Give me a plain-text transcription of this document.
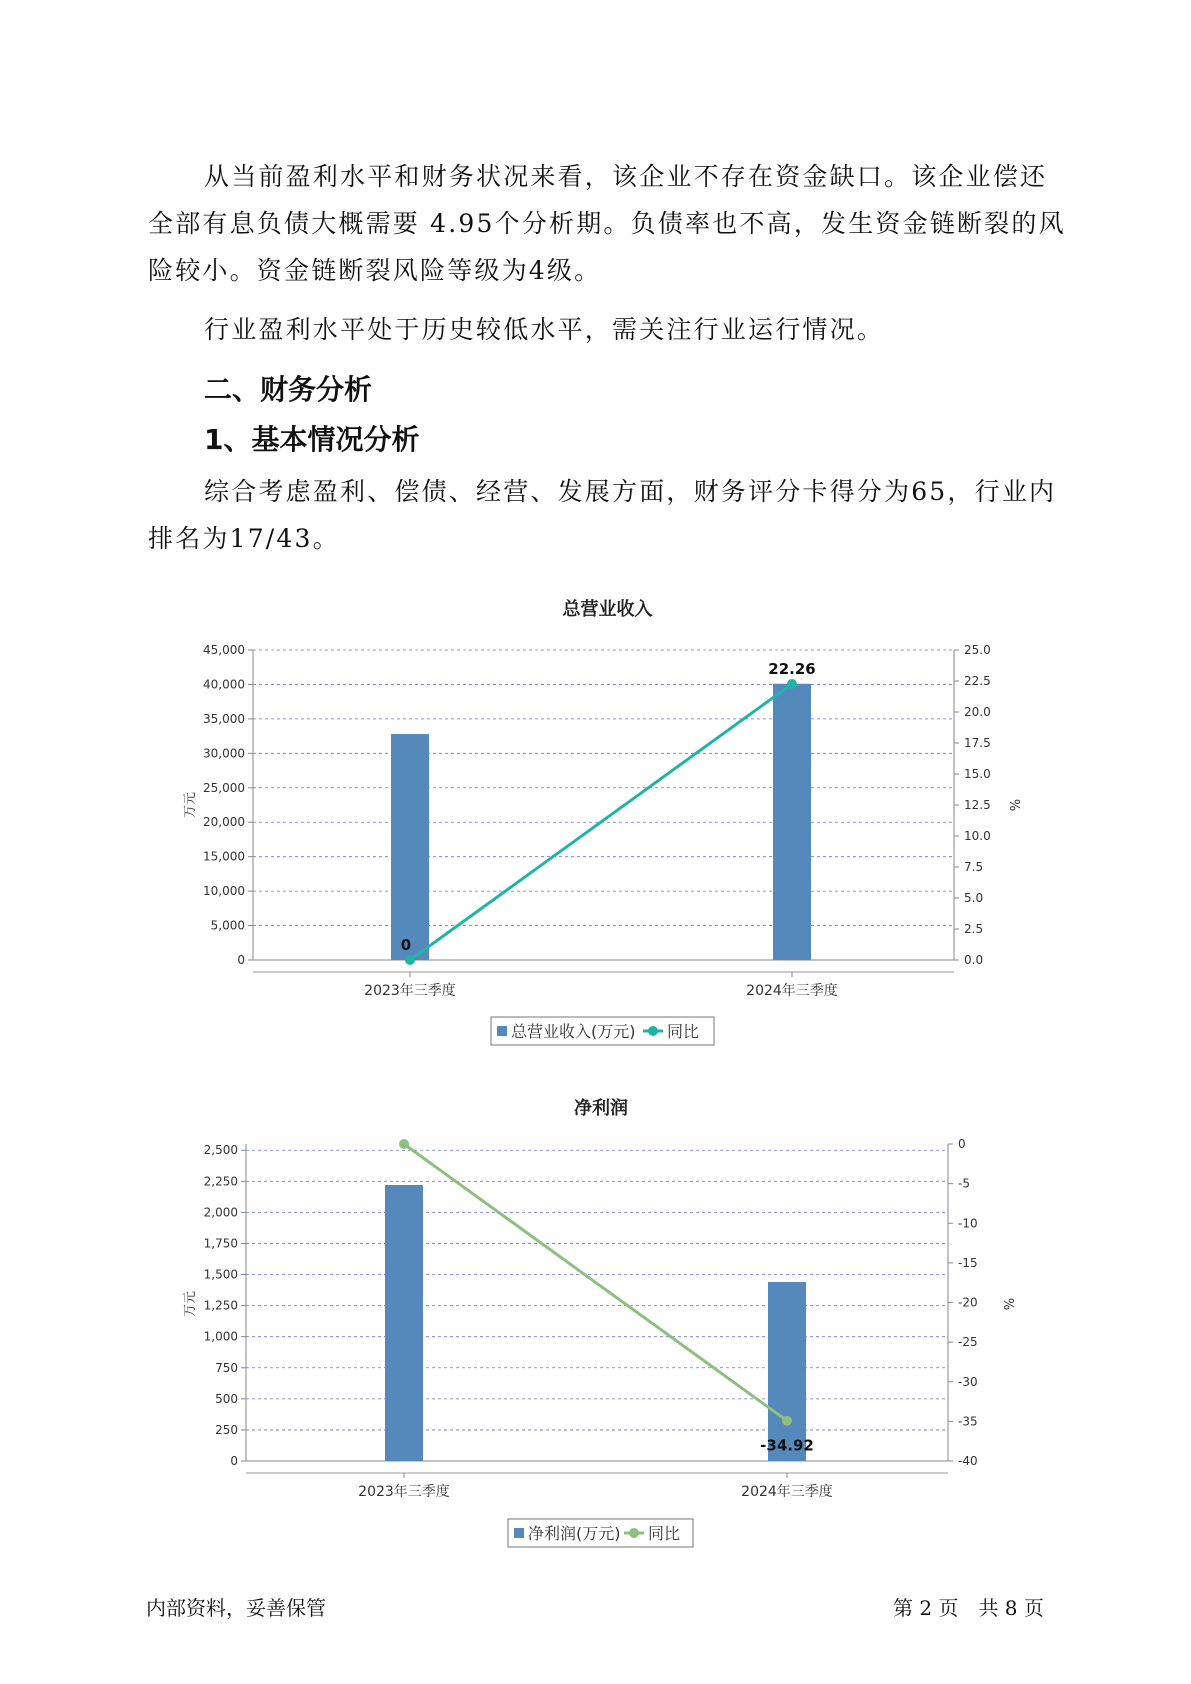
从当前盈利水平和财务状况来看，该企业不存在资金缺口。该企业偿还全部有息负债大概需要 4.95个分析期。负债率也不高，发生资金链断裂的风险较小。资金链断裂风险等级为4级。

行业盈利水平处于历史较低水平，需关注行业运行情况。

二、财务分析
1、基本情况分析

综合考虑盈利、偿债、经营、发展方面，财务评分卡得分为65，行业内排名为17/43。

总营业收入
0
5,000
10,000
15,000
20,000
25,000
30,000
35,000
40,000
45,000
0.0
2.5
5.0
7.5
10.0
12.5
15.0
17.5
20.0
22.5
25.0
万元	%
2023年三季度	2024年三季度
0
22.26
总营业收入(万元) 同比
净利润
0
250
500
750
1,000
1,250
1,500
1,750
2,000
2,250
2,500
-40
-35
-30
-25
-20
-15
-10
-5
0
万元	%
2023年三季度	2024年三季度
-34.92
净利润(万元) 同比
内部资料，妥善保管	第 2 页　共 8 页
